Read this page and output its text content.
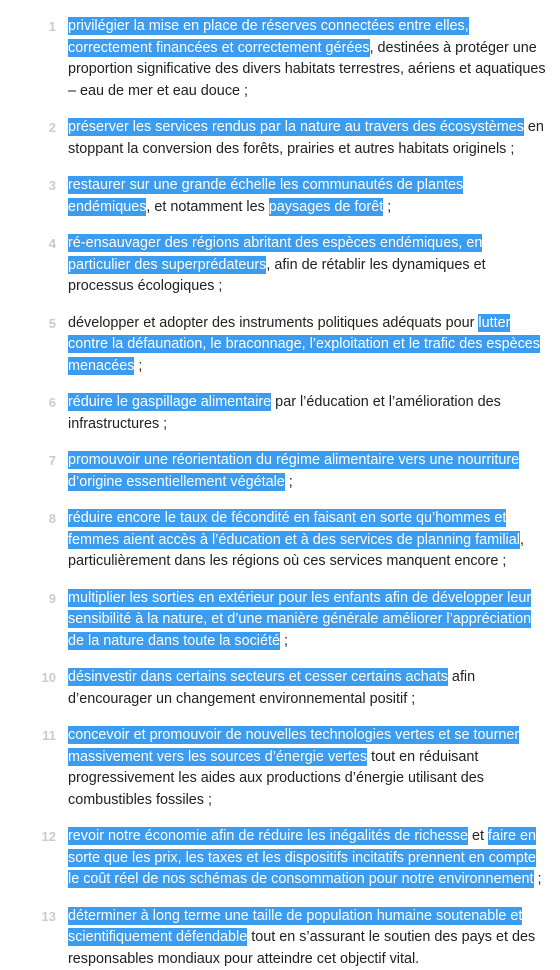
1 privilégier la mise en place de réserves connectées entre elles, correctement financées et correctement gérées, destinées à protéger une proportion significative des divers habitats terrestres, aériens et aquatiques – eau de mer et eau douce ;
2 préserver les services rendus par la nature au travers des écosystèmes en stoppant la conversion des forêts, prairies et autres habitats originels ;
3 restaurer sur une grande échelle les communautés de plantes endémiques, et notamment les paysages de forêt ;
4 ré-ensauvager des régions abritant des espèces endémiques, en particulier des superprédateurs, afin de rétablir les dynamiques et processus écologiques ;
5 développer et adopter des instruments politiques adéquats pour lutter contre la défaunation, le braconnage, l’exploitation et le trafic des espèces menacées ;
6 réduire le gaspillage alimentaire par l’éducation et l’amélioration des infrastructures ;
7 promouvoir une réorientation du régime alimentaire vers une nourriture d’origine essentiellement végétale ;
8 réduire encore le taux de fécondité en faisant en sorte qu’hommes et femmes aient accès à l’éducation et à des services de planning familial, particulièrement dans les régions où ces services manquent encore ;
9 multiplier les sorties en extérieur pour les enfants afin de développer leur sensibilité à la nature, et d’une manière générale améliorer l’appréciation de la nature dans toute la société ;
10 désinvestir dans certains secteurs et cesser certains achats afin d’encourager un changement environnemental positif ;
11 concevoir et promouvoir de nouvelles technologies vertes et se tourner massivement vers les sources d’énergie vertes tout en réduisant progressivement les aides aux productions d’énergie utilisant des combustibles fossiles ;
12 revoir notre économie afin de réduire les inégalités de richesse et faire en sorte que les prix, les taxes et les dispositifs incitatifs prennent en compte le coût réel de nos schémas de consommation pour notre environnement ;
13 déterminer à long terme une taille de population humaine soutenable et scientifiquement défendable tout en s’assurant le soutien des pays et des responsables mondiaux pour atteindre cet objectif vital.
